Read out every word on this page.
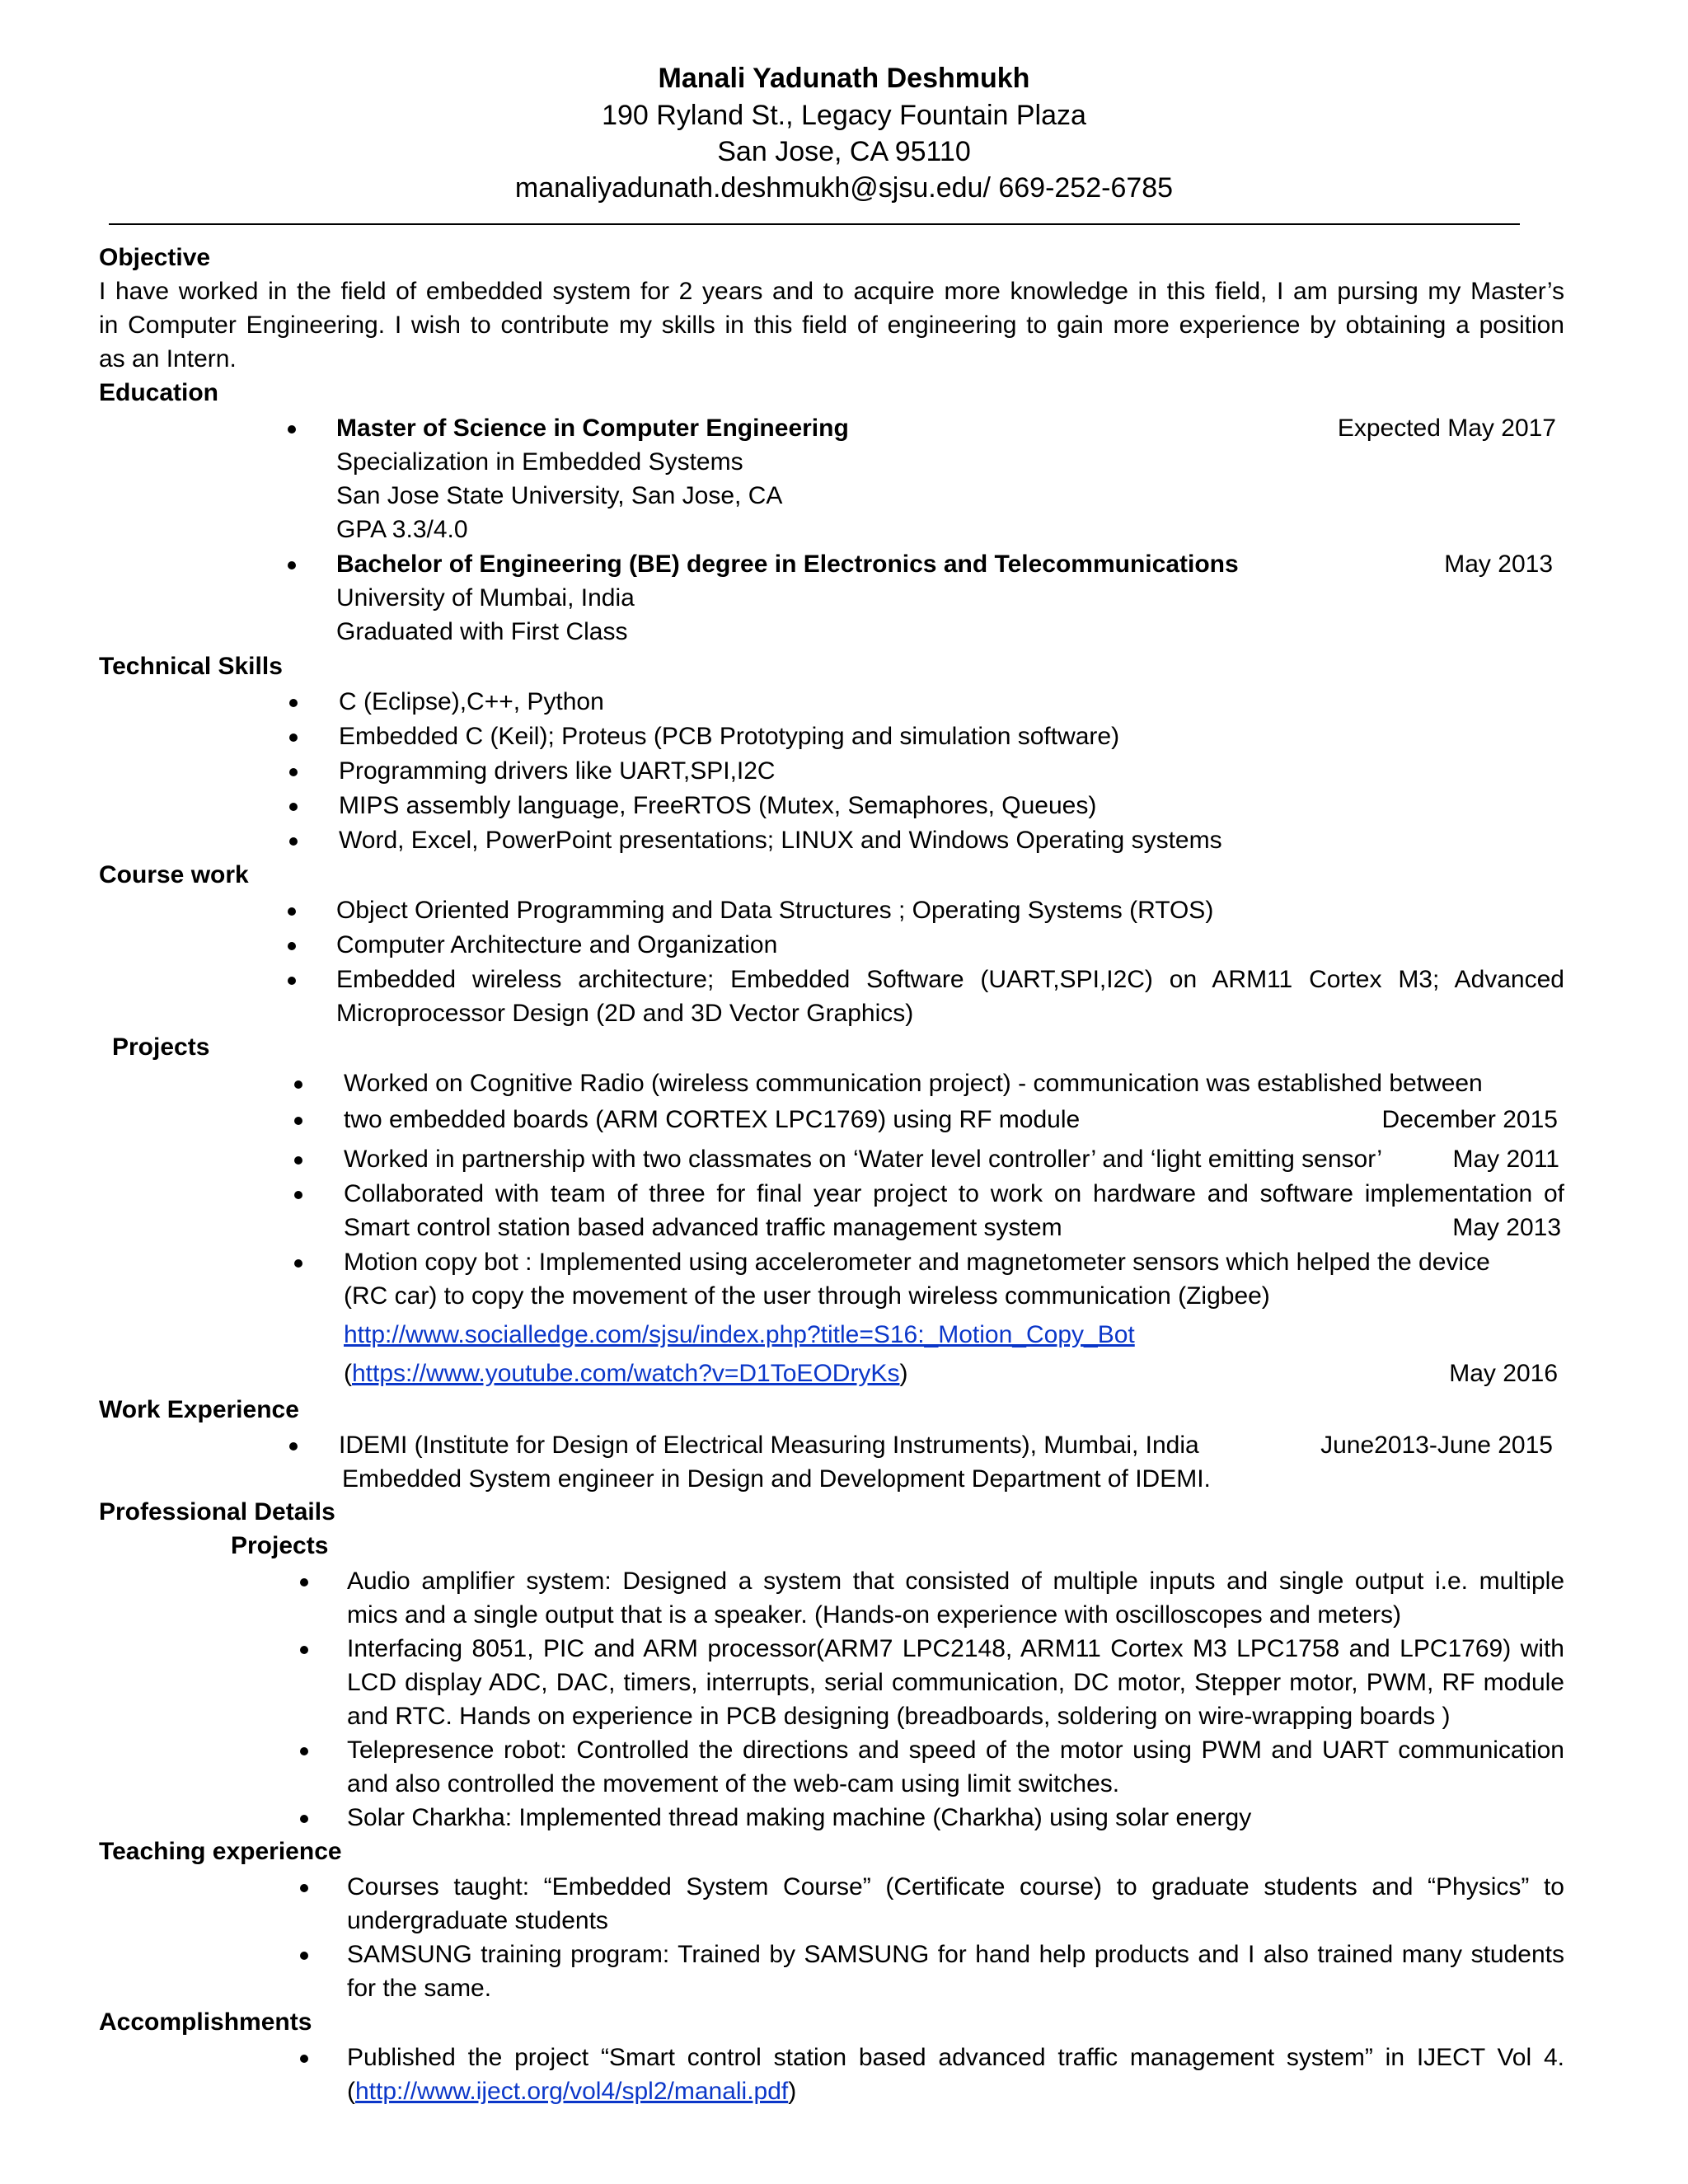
Manali Yadunath Deshmukh
190 Ryland St., Legacy Fountain Plaza
San Jose, CA 95110
manaliyadunath.deshmukh@sjsu.edu/ 669-252-6785
Objective
I have worked in the field of embedded system for 2 years and to acquire more knowledge in this field, I am pursing my Master’s
in Computer Engineering. I wish to contribute my skills in this field of engineering to gain more experience by obtaining a position
as an Intern.
Education
Master of Science in Computer Engineering	Expected May 2017
Specialization in Embedded Systems
San Jose State University, San Jose, CA
GPA 3.3/4.0
Bachelor of Engineering (BE) degree in Electronics and Telecommunications	May 2013
University of Mumbai, India
Graduated with First Class
Technical Skills
C (Eclipse),C++, Python
Embedded C (Keil); Proteus (PCB Prototyping and simulation software)
Programming drivers like UART,SPI,I2C
MIPS assembly language, FreeRTOS (Mutex, Semaphores, Queues)
Word, Excel, PowerPoint presentations; LINUX and Windows Operating systems
Course work
Object Oriented Programming and Data Structures ; Operating Systems (RTOS)
Computer Architecture and Organization
Embedded wireless architecture; Embedded Software (UART,SPI,I2C) on ARM11 Cortex M3; Advanced
Microprocessor Design (2D and 3D Vector Graphics)
Projects
Worked on Cognitive Radio (wireless communication project) - communication was established between
two embedded boards (ARM CORTEX LPC1769) using RF module	December 2015
Worked in partnership with two classmates on ‘Water level controller’ and ‘light emitting sensor’	May 2011
Collaborated with team of three for final year project to work on hardware and software implementation of
Smart control station based advanced traffic management system	May 2013
Motion copy bot : Implemented using accelerometer and magnetometer sensors which helped the device
(RC car) to copy the movement of the user through wireless communication (Zigbee)
http://www.socialledge.com/sjsu/index.php?title=S16:_Motion_Copy_Bot
(https://www.youtube.com/watch?v=D1ToEODryKs)	May 2016
Work Experience
IDEMI (Institute for Design of Electrical Measuring Instruments), Mumbai, India	June2013-June 2015
Embedded System engineer in Design and Development Department of IDEMI.
Professional Details
Projects
Audio amplifier system: Designed a system that consisted of multiple inputs and single output i.e. multiple
mics and a single output that is a speaker. (Hands-on experience with oscilloscopes and meters)
Interfacing 8051, PIC and ARM processor(ARM7 LPC2148, ARM11 Cortex M3 LPC1758 and LPC1769) with
LCD display ADC, DAC, timers, interrupts, serial communication, DC motor, Stepper motor, PWM, RF module
and RTC. Hands on experience in PCB designing (breadboards, soldering on wire-wrapping boards )
Telepresence robot: Controlled the directions and speed of the motor using PWM and UART communication
and also controlled the movement of the web-cam using limit switches.
Solar Charkha: Implemented thread making machine (Charkha) using solar energy
Teaching experience
Courses taught: “Embedded System Course” (Certificate course) to graduate students and “Physics” to
undergraduate students
SAMSUNG training program: Trained by SAMSUNG for hand help products and I also trained many students
for the same.
Accomplishments
Published the project “Smart control station based advanced traffic management system” in IJECT Vol 4.
(http://www.iject.org/vol4/spl2/manali.pdf)
